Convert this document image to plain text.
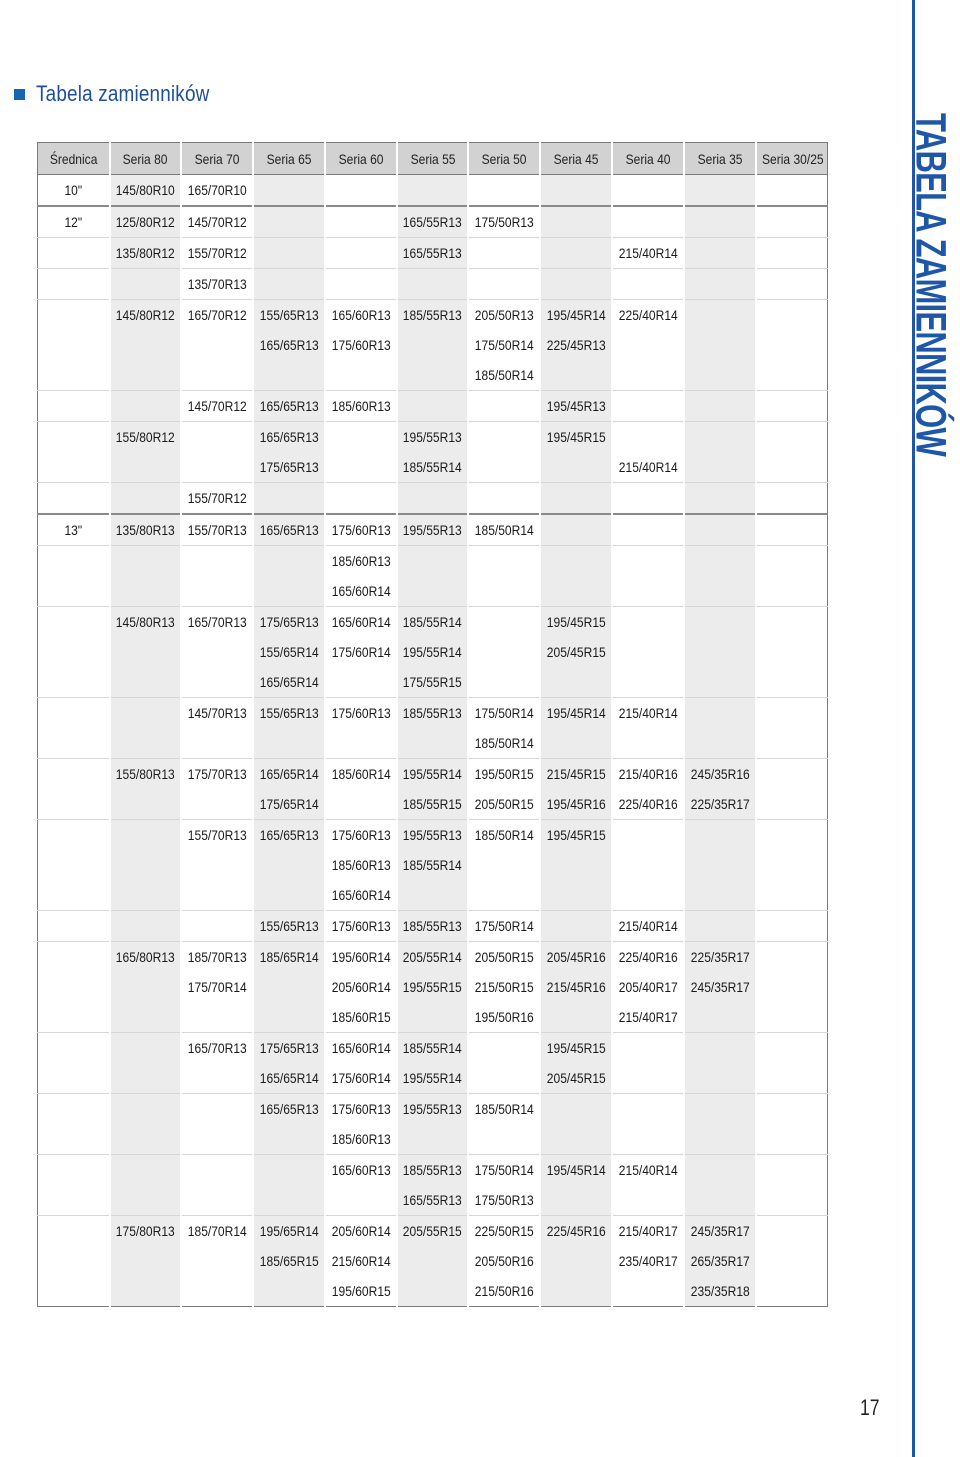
Tabela zamienników
TABELA ZAMIENNIKÓW
Średnica	Seria 80	Seria 70	Seria 65	Seria 60	Seria 55	Seria 50	Seria 45	Seria 40	Seria 35	Seria 30/25
10"	145/80R10	165/70R10								
12"	125/80R12	145/70R12			165/55R13	175/50R13				
	135/80R12	155/70R12			165/55R13			215/40R14		
		135/70R13								
	145/80R12	165/70R12	155/65R13	165/60R13	185/55R13	205/50R13	195/45R14	225/40R14		
			165/65R13	175/60R13		175/50R14	225/45R13			
						185/50R14				
		145/70R12	165/65R13	185/60R13			195/45R13			
	155/80R12		165/65R13		195/55R13		195/45R15			
			175/65R13		185/55R14			215/40R14		
		155/70R12								
13"	135/80R13	155/70R13	165/65R13	175/60R13	195/55R13	185/50R14				
				185/60R13						
				165/60R14						
	145/80R13	165/70R13	175/65R13	165/60R14	185/55R14		195/45R15			
			155/65R14	175/60R14	195/55R14		205/45R15			
			165/65R14		175/55R15					
		145/70R13	155/65R13	175/60R13	185/55R13	175/50R14	195/45R14	215/40R14		
						185/50R14				
	155/80R13	175/70R13	165/65R14	185/60R14	195/55R14	195/50R15	215/45R15	215/40R16	245/35R16	
			175/65R14		185/55R15	205/50R15	195/45R16	225/40R16	225/35R17	
		155/70R13	165/65R13	175/60R13	195/55R13	185/50R14	195/45R15			
				185/60R13	185/55R14					
				165/60R14						
			155/65R13	175/60R13	185/55R13	175/50R14		215/40R14		
	165/80R13	185/70R13	185/65R14	195/60R14	205/55R14	205/50R15	205/45R16	225/40R16	225/35R17	
		175/70R14		205/60R14	195/55R15	215/50R15	215/45R16	205/40R17	245/35R17	
				185/60R15		195/50R16		215/40R17		
		165/70R13	175/65R13	165/60R14	185/55R14		195/45R15			
			165/65R14	175/60R14	195/55R14		205/45R15			
			165/65R13	175/60R13	195/55R13	185/50R14				
				185/60R13						
				165/60R13	185/55R13	175/50R14	195/45R14	215/40R14		
					165/55R13	175/50R13				
	175/80R13	185/70R14	195/65R14	205/60R14	205/55R15	225/50R15	225/45R16	215/40R17	245/35R17	
			185/65R15	215/60R14		205/50R16		235/40R17	265/35R17	
				195/60R15		215/50R16			235/35R18	
17
